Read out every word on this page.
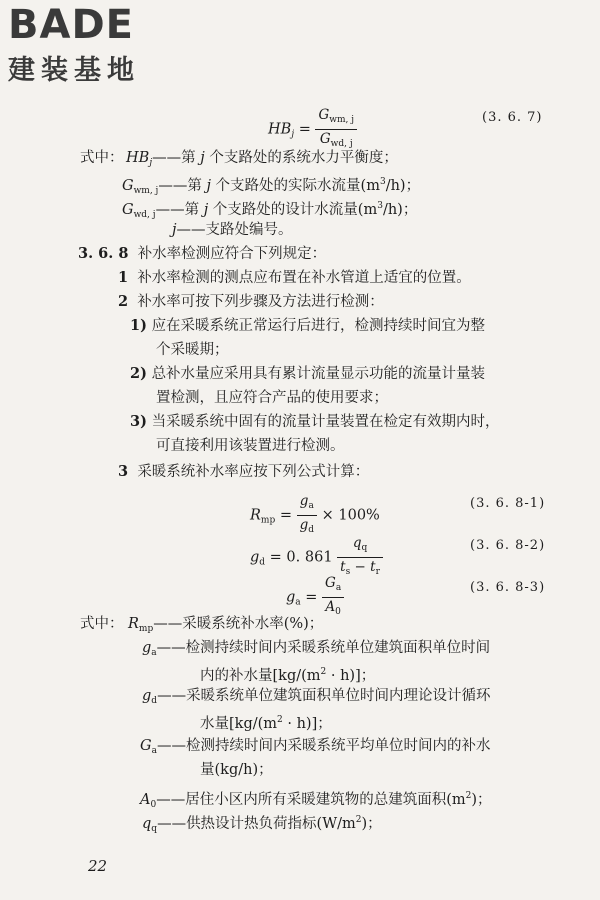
BADE
建装基地
$HB_j = \frac{G_{wm, j}}{G_{wd, j}}$	(3. 6. 7)
式中： $HB_j——$第 j 个支路处的系统水力平衡度；
$G_{wm, j}——$第 j 个支路处的实际水流量$(m^3/h)$；
$G_{wd, j}——$第 j 个支路处的设计水流量$(m^3/h)$；
j——支路处编号。
3. 6. 8 补水率检测应符合下列规定：
1 补水率检测的测点应布置在补水管道上适宜的位置。
2 补水率可按下列步骤及方法进行检测：
1) 应在采暖系统正常运行后进行，检测持续时间宜为整
个采暖期；
2) 总补水量应采用具有累计流量显示功能的流量计量装
置检测，且应符合产品的使用要求；
3) 当采暖系统中固有的流量计量装置在检定有效期内时，
可直接利用该装置进行检测。
3 采暖系统补水率应按下列公式计算：
$R_{mp} = \frac{g_a}{g_d} \times 100\%$
(3. 6. 8-1)
$g_d = 0$. $861 \frac{q_q}{t_s - t_r}$	(3. 6. 8-2)
$g_a = \frac{G_a}{A_0}$	(3. 6. 8-3)
式中： $R_{mp}——$采暖系统补水率(%)；
$g_a——$检测持续时间内采暖系统单位建筑面积单位时间
内的补水量$[kg/(m^2 \cdot h)]$；
$g_d——$采暖系统单位建筑面积单位时间内理论设计循环
水量$[kg/(m^2 \cdot h)]$；
$G_a——$检测持续时间内采暖系统平均单位时间内的补水
量(kg/h)；
$A_0——$居住小区内所有采暖建筑物的总建筑面积$(m^2)$；
$q_q——$供热设计热负荷指标$(W/m^2)$；
22
